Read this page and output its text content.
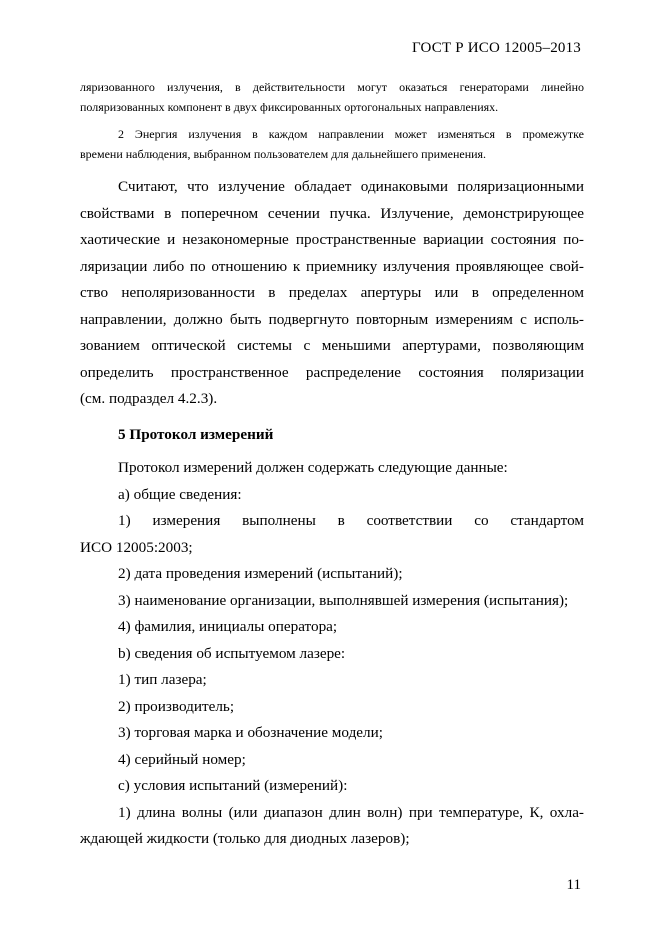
ГОСТ Р ИСО 12005–2013
ляризованного излучения, в действительности могут оказаться генераторами линейно
поляризованных компонент в двух фиксированных ортогональных направлениях.
2 Энергия излучения в каждом направлении может изменяться в промежутке
времени наблюдения, выбранном пользователем для дальнейшего применения.
Считают, что излучение обладает одинаковыми поляризационными
свойствами в поперечном сечении пучка. Излучение, демонстрирующее
хаотические и незакономерные пространственные вариации состояния по-
ляризации либо по отношению к приемнику излучения проявляющее свой-
ство неполяризованности в пределах апертуры или в определенном
направлении, должно быть подвергнуто повторным измерениям с исполь-
зованием оптической системы с меньшими апертурами, позволяющим
определить пространственное распределение состояния поляризации
(см. подраздел 4.2.3).
5 Протокол измерений
Протокол измерений должен содержать следующие данные:
а) общие сведения:
1) измерения выполнены в соответствии со стандартом
ИСО 12005:2003;
2) дата проведения измерений (испытаний);
3) наименование организации, выполнявшей измерения (испытания);
4) фамилия, инициалы оператора;
b) сведения об испытуемом лазере:
1) тип лазера;
2) производитель;
3) торговая марка и обозначение модели;
4) серийный номер;
c) условия испытаний (измерений):
1) длина волны (или диапазон длин волн) при температуре, К, охла-
ждающей жидкости (только для диодных лазеров);
11
